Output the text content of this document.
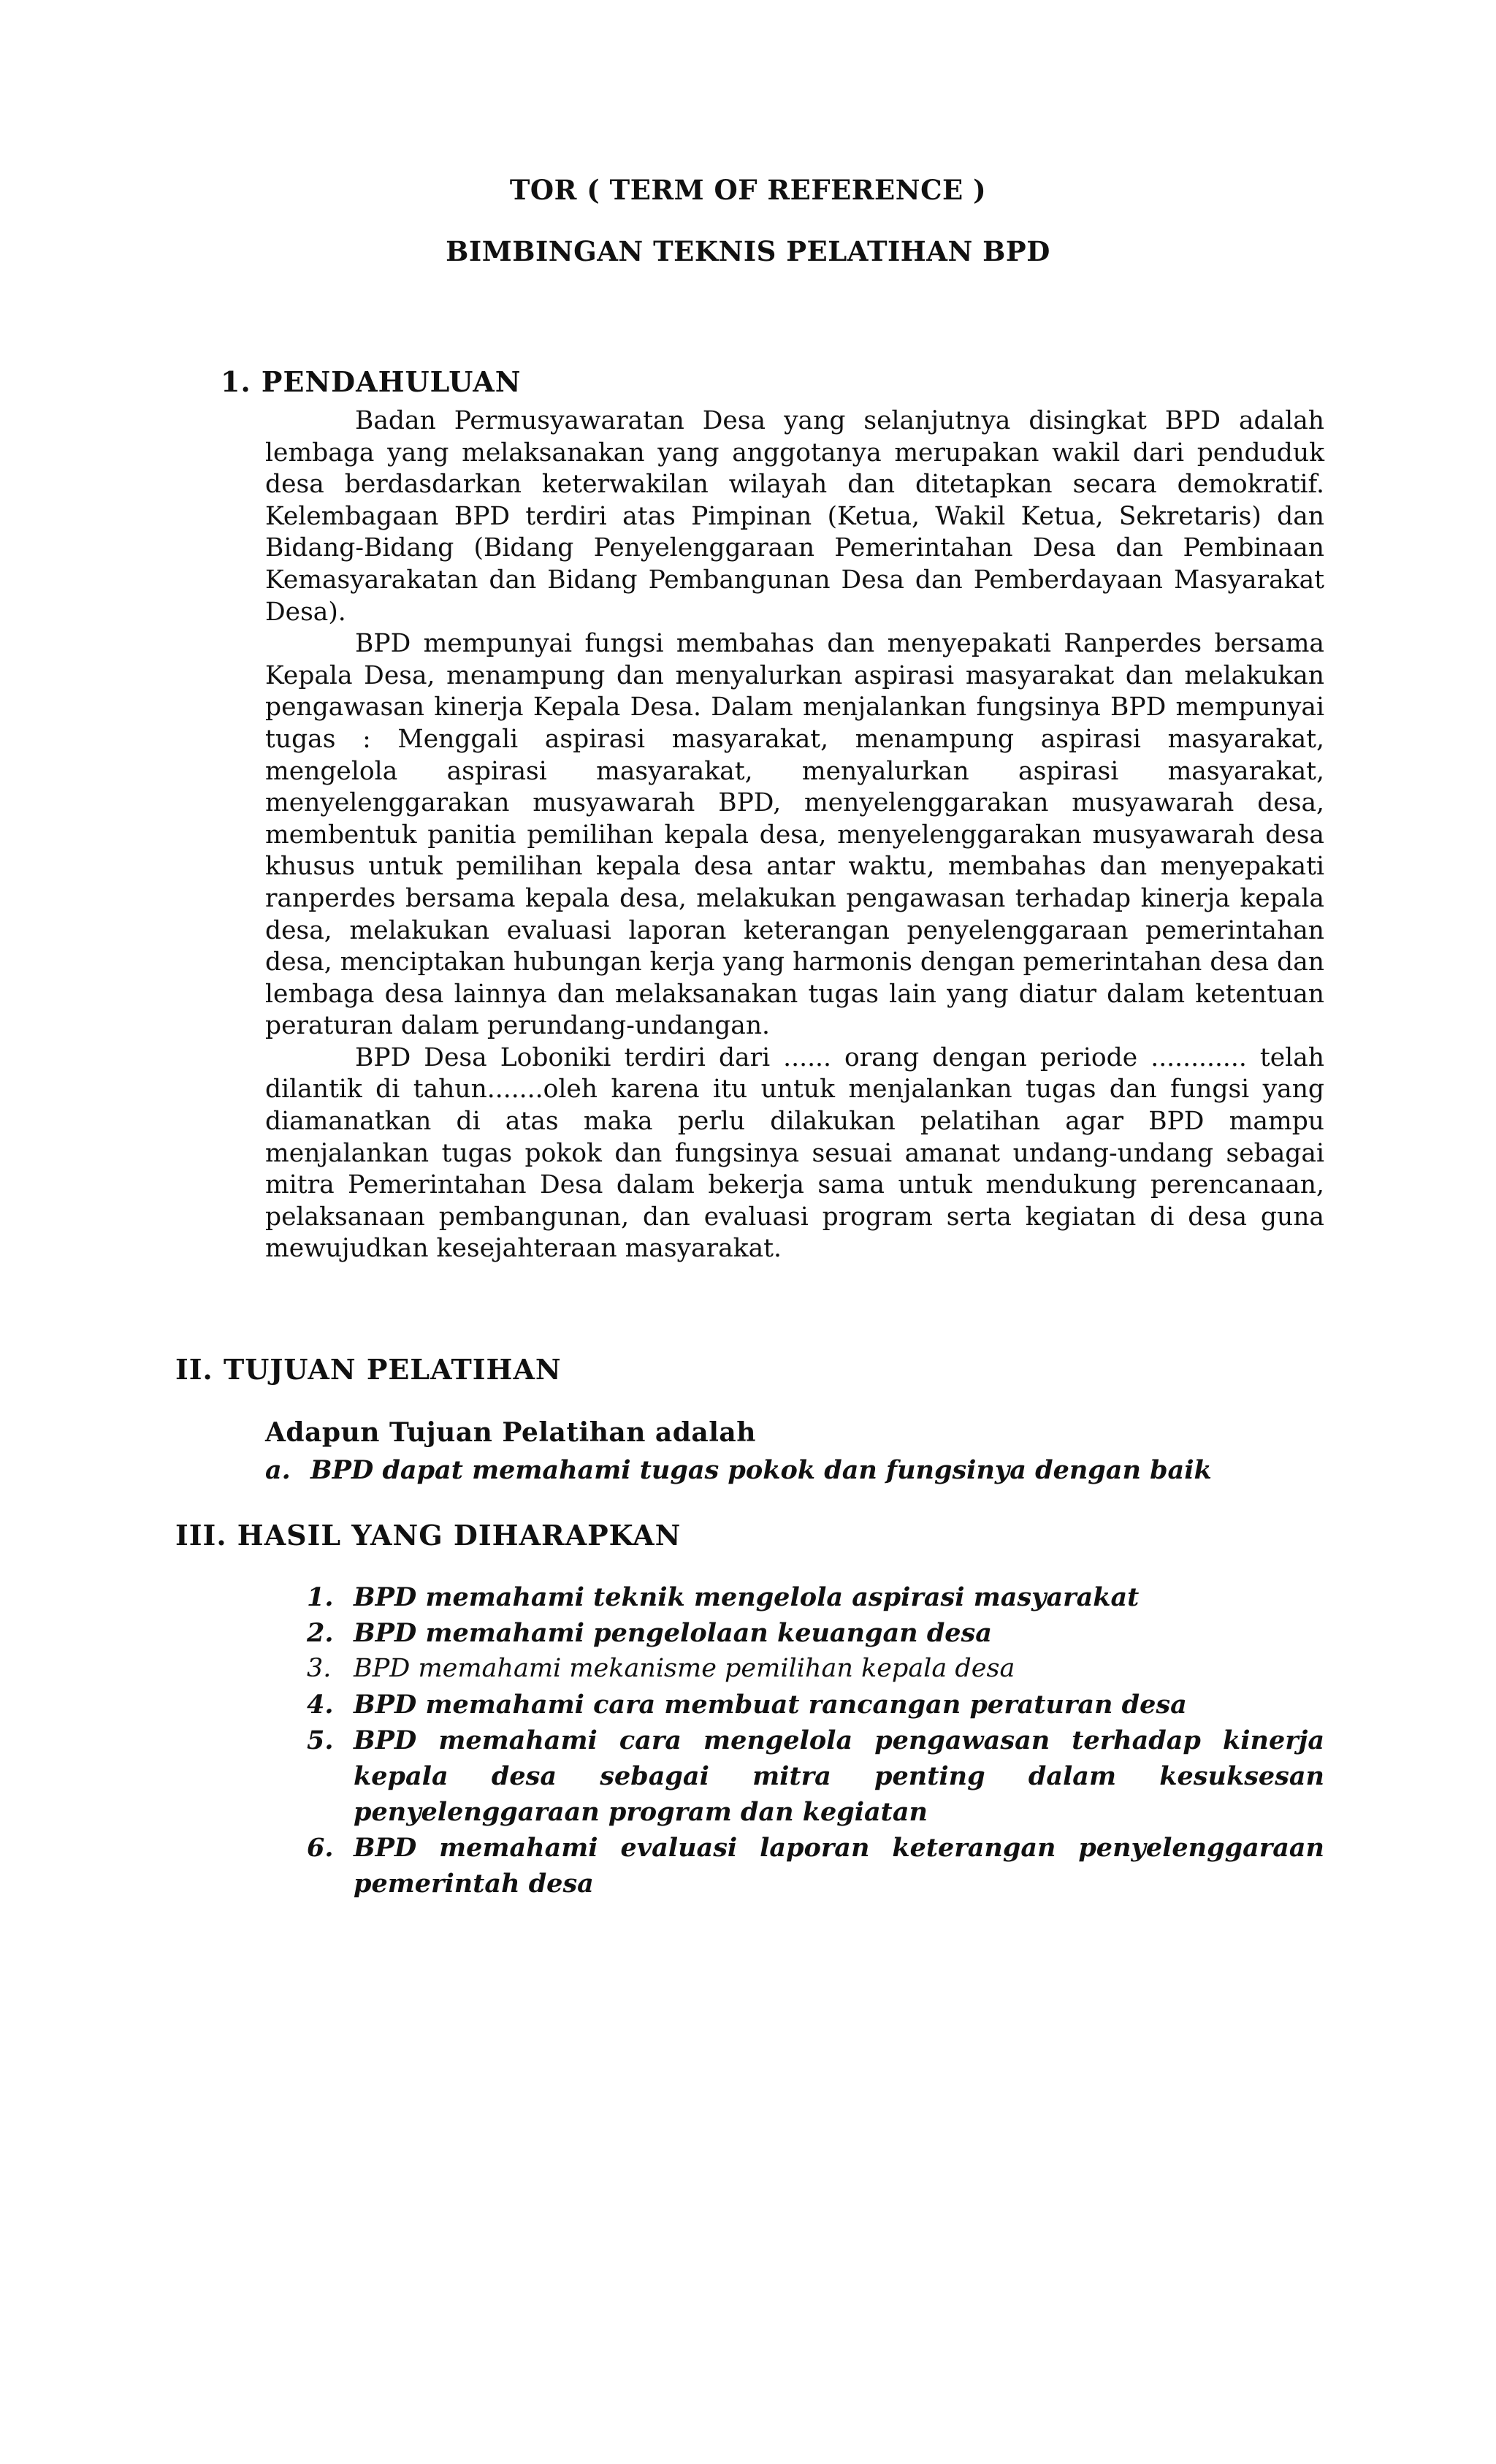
TOR ( TERM OF REFERENCE )
BIMBINGAN TEKNIS PELATIHAN BPD
1. PENDAHULUAN

Badan Permusyawaratan Desa yang selanjutnya disingkat BPD adalah lembaga yang melaksanakan yang anggotanya merupakan wakil dari penduduk desa berdasdarkan keterwakilan wilayah dan ditetapkan secara demokratif. Kelembagaan BPD terdiri atas Pimpinan (Ketua, Wakil Ketua, Sekretaris) dan Bidang-Bidang (Bidang Penyelenggaraan Pemerintahan Desa dan Pembinaan Kemasyarakatan dan Bidang Pembangunan Desa dan Pemberdayaan Masyarakat Desa).

BPD mempunyai fungsi membahas dan menyepakati Ranperdes bersama Kepala Desa, menampung dan menyalurkan aspirasi masyarakat dan melakukan pengawasan kinerja Kepala Desa. Dalam menjalankan fungsinya BPD mempunyai tugas : Menggali aspirasi masyarakat, menampung aspirasi masyarakat, mengelola aspirasi masyarakat, menyalurkan aspirasi masyarakat, menyelenggarakan musyawarah BPD, menyelenggarakan musyawarah desa, membentuk panitia pemilihan kepala desa, menyelenggarakan musyawarah desa khusus untuk pemilihan kepala desa antar waktu, membahas dan menyepakati ranperdes bersama kepala desa, melakukan pengawasan terhadap kinerja kepala desa, melakukan evaluasi laporan keterangan penyelenggaraan pemerintahan desa, menciptakan hubungan kerja yang harmonis dengan pemerintahan desa dan lembaga desa lainnya dan melaksanakan tugas lain yang diatur dalam ketentuan peraturan dalam perundang-undangan.

BPD Desa Loboniki terdiri dari ...... orang dengan periode ............ telah dilantik di tahun.......oleh karena itu untuk menjalankan tugas dan fungsi yang diamanatkan di atas maka perlu dilakukan pelatihan agar BPD mampu menjalankan tugas pokok dan fungsinya sesuai amanat undang-undang sebagai mitra Pemerintahan Desa dalam bekerja sama untuk mendukung perencanaan, pelaksanaan pembangunan, dan evaluasi program serta kegiatan di desa guna mewujudkan kesejahteraan masyarakat.

II. TUJUAN PELATIHAN
Adapun Tujuan Pelatihan adalah
a. BPD dapat memahami tugas pokok dan fungsinya dengan baik
III. HASIL YANG DIHARAPKAN
1. BPD memahami teknik mengelola aspirasi masyarakat
2. BPD memahami pengelolaan keuangan desa
3. BPD memahami mekanisme pemilihan kepala desa
4. BPD memahami cara membuat rancangan peraturan desa
5. BPD memahami cara mengelola pengawasan terhadap kinerja kepala desa sebagai mitra penting dalam kesuksesan penyelenggaraan program dan kegiatan
6. BPD memahami evaluasi laporan keterangan penyelenggaraan pemerintah desa
